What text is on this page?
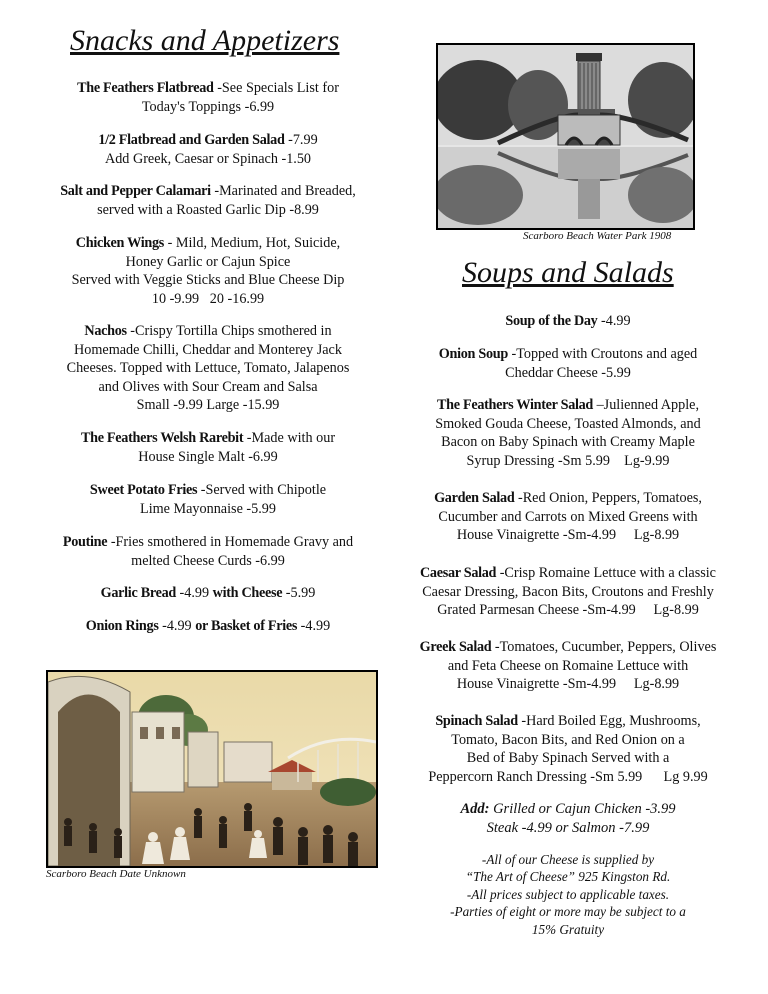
Snacks and Appetizers
The Feathers Flatbread -See Specials List for
Today's Toppings -6.99
1/2 Flatbread and Garden Salad -7.99
Add Greek, Caesar or Spinach -1.50
Salt and Pepper Calamari -Marinated and Breaded,
served with a Roasted Garlic Dip -8.99
Chicken Wings - Mild, Medium, Hot, Suicide,
Honey Garlic or Cajun Spice
Served with Veggie Sticks and Blue Cheese Dip
10 -9.99   20 -16.99
Nachos -Crispy Tortilla Chips smothered in
Homemade Chilli, Cheddar and Monterey Jack
Cheeses. Topped with Lettuce, Tomato, Jalapenos
and Olives with Sour Cream and Salsa
Small -9.99 Large -15.99
The Feathers Welsh Rarebit -Made with our
House Single Malt -6.99
Sweet Potato Fries -Served with Chipotle
Lime Mayonnaise -5.99
Poutine -Fries smothered in Homemade Gravy and
melted Cheese Curds -6.99
Garlic Bread -4.99 with Cheese -5.99
Onion Rings -4.99 or Basket of Fries -4.99
Scarboro Beach Date Unknown
Scarboro Beach Water Park 1908
Soups and Salads
Soup of the Day -4.99
Onion Soup -Topped with Croutons and aged
Cheddar Cheese -5.99
The Feathers Winter Salad –Julienned Apple,
Smoked Gouda Cheese, Toasted Almonds, and
Bacon on Baby Spinach with Creamy Maple
Syrup Dressing -Sm 5.99    Lg-9.99
Garden Salad -Red Onion, Peppers, Tomatoes,
Cucumber and Carrots on Mixed Greens with
House Vinaigrette -Sm-4.99     Lg-8.99
Caesar Salad -Crisp Romaine Lettuce with a classic
Caesar Dressing, Bacon Bits, Croutons and Freshly
Grated Parmesan Cheese -Sm-4.99     Lg-8.99
Greek Salad -Tomatoes, Cucumber, Peppers, Olives
and Feta Cheese on Romaine Lettuce with
House Vinaigrette -Sm-4.99     Lg-8.99
Spinach Salad -Hard Boiled Egg, Mushrooms,
Tomato, Bacon Bits, and Red Onion on a
Bed of Baby Spinach Served with a
Peppercorn Ranch Dressing -Sm 5.99      Lg 9.99
Add: Grilled or Cajun Chicken -3.99
Steak -4.99 or Salmon -7.99
-All of our Cheese is supplied by
“The Art of Cheese” 925 Kingston Rd.
-All prices subject to applicable taxes.
-Parties of eight or more may be subject to a
15% Gratuity
